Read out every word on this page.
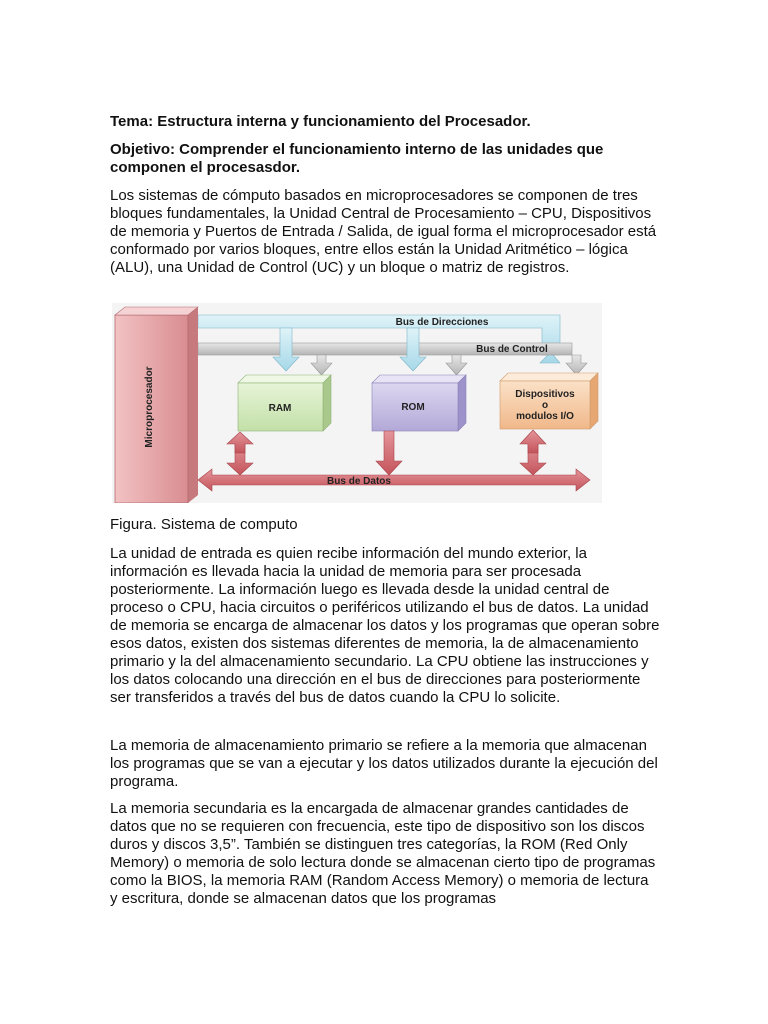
Tema: Estructura interna y funcionamiento del Procesador.
Objetivo: Comprender el funcionamiento interno de las unidades que componen el procesasdor.
Los sistemas de cómputo basados en microprocesadores se componen de tres bloques fundamentales, la Unidad Central de Procesamiento – CPU, Dispositivos de memoria y Puertos de Entrada / Salida, de igual forma el microprocesador está conformado por varios bloques, entre ellos están la Unidad Aritmético – lógica (ALU), una Unidad de Control (UC) y un bloque o matriz de registros.
Bus de Direcciones
Bus de Control
Microprocesador	RAM	ROM
Dispositivos
o
modulos I/O
Bus de Datos
Figura. Sistema de computo
La unidad de entrada es quien recibe información del mundo exterior, la información es llevada hacia la unidad de memoria para ser procesada posteriormente. La información luego es llevada desde la unidad central de proceso o CPU, hacia circuitos o periféricos utilizando el bus de datos. La unidad de memoria se encarga de almacenar los datos y los programas que operan sobre esos datos, existen dos sistemas diferentes de memoria, la de almacenamiento primario y la del almacenamiento secundario. La CPU obtiene las instrucciones y los datos colocando una dirección en el bus de direcciones para posteriormente ser transferidos a través del bus de datos cuando la CPU lo solicite.
La memoria de almacenamiento primario se refiere a la memoria que almacenan los programas que se van a ejecutar y los datos utilizados durante la ejecución del programa.
La memoria secundaria es la encargada de almacenar grandes cantidades de datos que no se requieren con frecuencia, este tipo de dispositivo son los discos duros y discos 3,5”. También se distinguen tres categorías, la ROM (Red Only Memory) o memoria de solo lectura donde se almacenan cierto tipo de programas como la BIOS, la memoria RAM (Random Access Memory) o memoria de lectura y escritura, donde se almacenan datos que los programas
